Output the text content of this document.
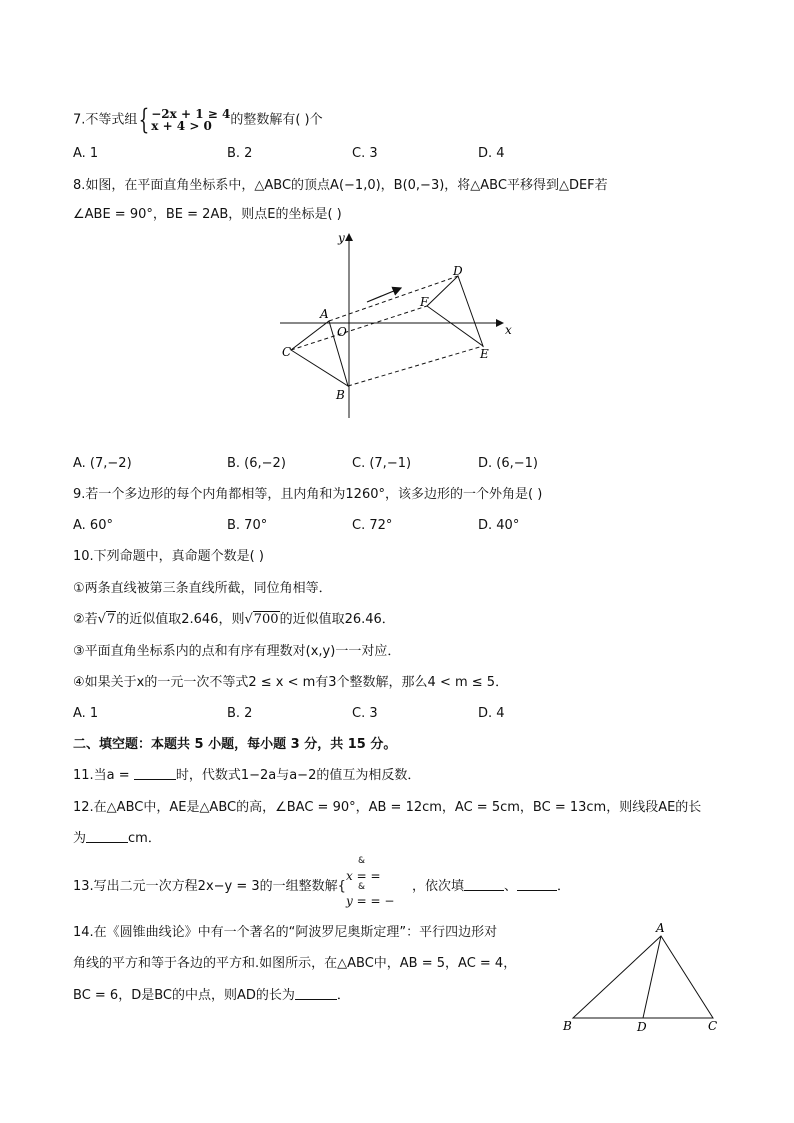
7.不等式组{ −2x + 1 ≥ 4
x + 4 > 0 的整数解有( )个
A. 1	B. 2	C. 3	D. 4
8.如图，在平面直角坐标系中，△ABC的顶点A(−1,0)，B(0,−3)，将△ABC平移得到△DEF若
∠ABE = 90°，BE = 2AB，则点E的坐标是( )
y
x
A
O
C
B
D
F
E
A. (7,−2)	B. (6,−2)	C. (7,−1)	D. (6,−1)
9.若一个多边形的每个内角都相等，且内角和为1260°，该多边形的一个外角是( )
A. 60°	B. 70°	C. 72°	D. 40°
10.下列命题中，真命题个数是( )
①两条直线被第三条直线所截，同位角相等．
②若√7的近似值取2.646，则√700的近似值取26.46．
③平面直角坐标系内的点和有序有理数对(x,y)一一对应．
④如果关于x的一元一次不等式2 ≤ x < m有3个整数解，那么4 < m ≤ 5．
A. 1	B. 2	C. 3	D. 4
二、填空题：本题共 5 小题，每小题 3 分，共 15 分。
11.当a =	时，代数式1−2a与a−2的值互为相反数．
12.在△ABC中，AE是△ABC的高，∠BAC = 90°，AB = 12cm，AC = 5cm，BC = 13cm，则线段AE的长
为	cm．
13.写出二元一次方程2x−y = 3的一组整数解{
&
x = =
&
y = = −
，依次填	、	．
14.在《圆锥曲线论》中有一个著名的“阿波罗尼奥斯定理”：平行四边形对
角线的平方和等于各边的平方和.如图所示，在△ABC中，AB = 5，AC = 4，
BC = 6，D是BC的中点，则AD的长为	．
A
B	D	C
